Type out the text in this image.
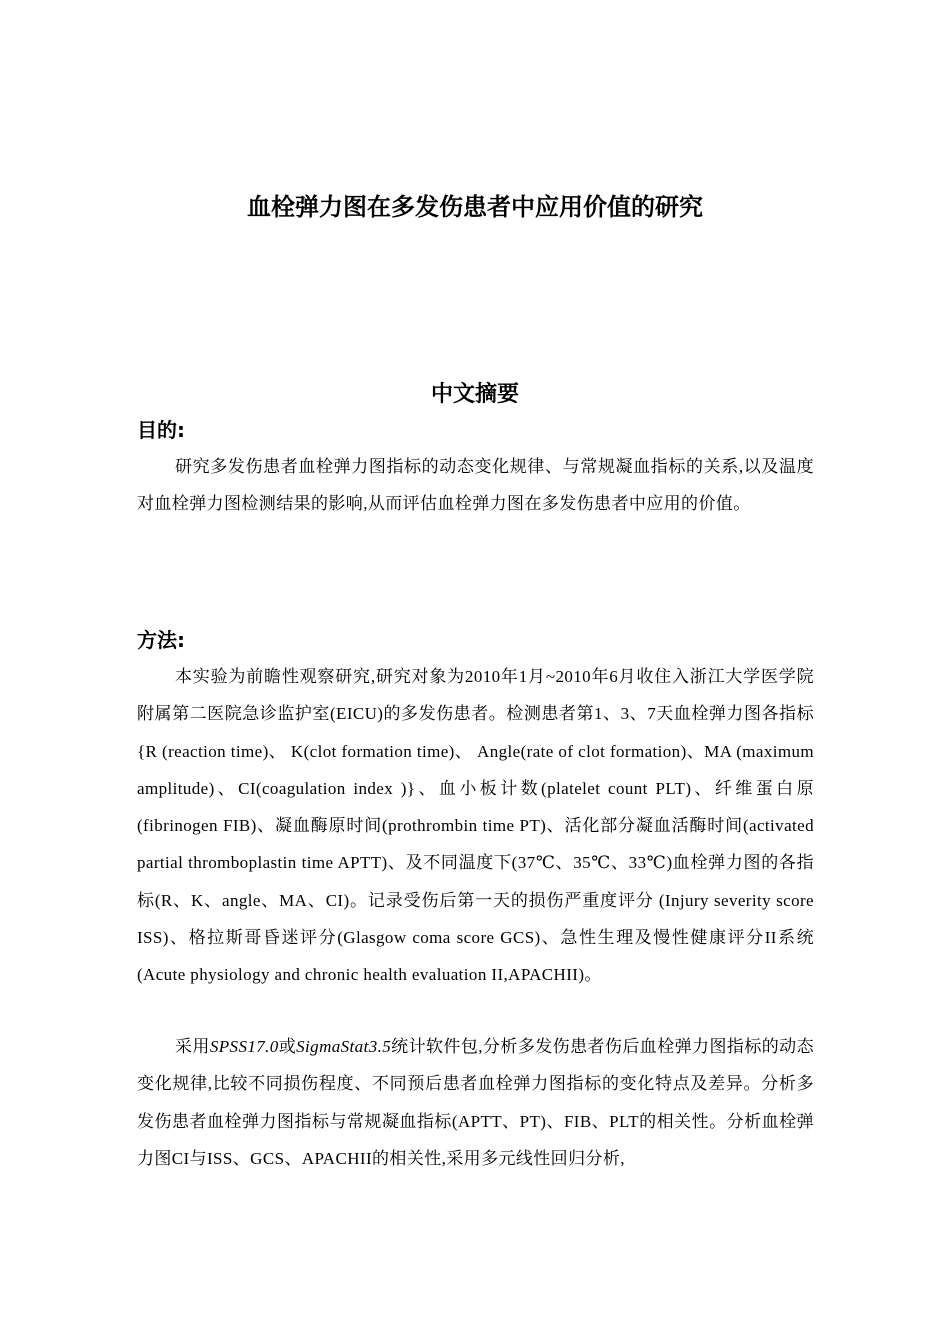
血栓弹力图在多发伤患者中应用价值的研究
中文摘要
目的:
研究多发伤患者血栓弹力图指标的动态变化规律、与常规凝血指标的关系,以及温度对血栓弹力图检测结果的影响,从而评估血栓弹力图在多发伤患者中应用的价值。
方法:
本实验为前瞻性观察研究,研究对象为2010年1月~2010年6月收住入浙江大学医学院附属第二医院急诊监护室(EICU)的多发伤患者。检测患者第1、3、7天血栓弹力图各指标{R (reaction time)、 K(clot formation time)、 Angle(rate of clot formation)、MA (maximum amplitude)、CI(coagulation index )}、血小板计数(platelet count PLT)、纤维蛋白原(fibrinogen FIB)、凝血酶原时间(prothrombin time PT)、活化部分凝血活酶时间(activated partial thromboplastin time APTT)、及不同温度下(37℃、35℃、33℃)血栓弹力图的各指标(R、K、angle、MA、CI)。记录受伤后第一天的损伤严重度评分 (Injury severity score ISS)、格拉斯哥昏迷评分(Glasgow coma score GCS)、急性生理及慢性健康评分II系统(Acute physiology and chronic health evaluation II,APACHII)。
采用SPSS17.0或SigmaStat3.5统计软件包,分析多发伤患者伤后血栓弹力图指标的动态变化规律,比较不同损伤程度、不同预后患者血栓弹力图指标的变化特点及差异。分析多发伤患者血栓弹力图指标与常规凝血指标(APTT、PT)、FIB、PLT的相关性。分析血栓弹力图CI与ISS、GCS、APACHII的相关性,采用多元线性回归分析,
